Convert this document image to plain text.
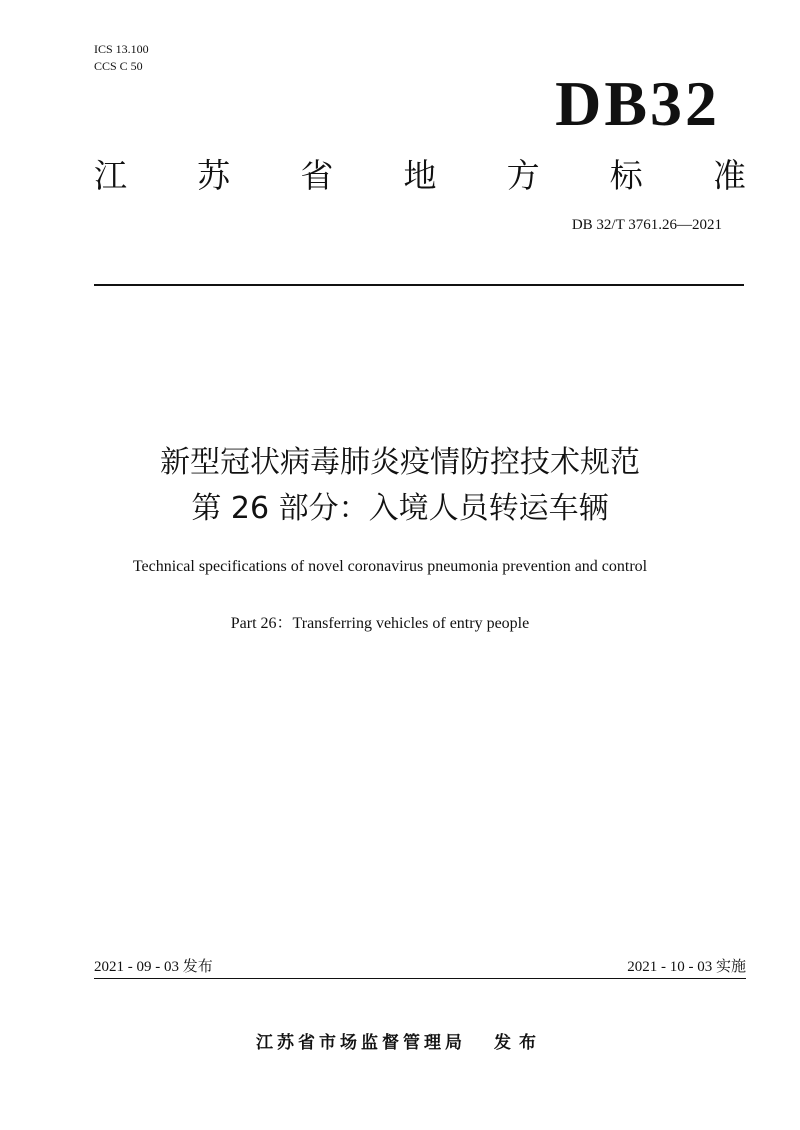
ICS 13.100
CCS C 50
DB32
江 苏 省 地 方 标 准
DB 32/T 3761.26—2021
新型冠状病毒肺炎疫情防控技术规范
第 26 部分：入境人员转运车辆
Technical specifications of novel coronavirus pneumonia prevention and control
Part 26：Transferring vehicles of entry people
2021 - 09 - 03 发布	2021 - 10 - 03 实施
江苏省市场监督管理局 发布
